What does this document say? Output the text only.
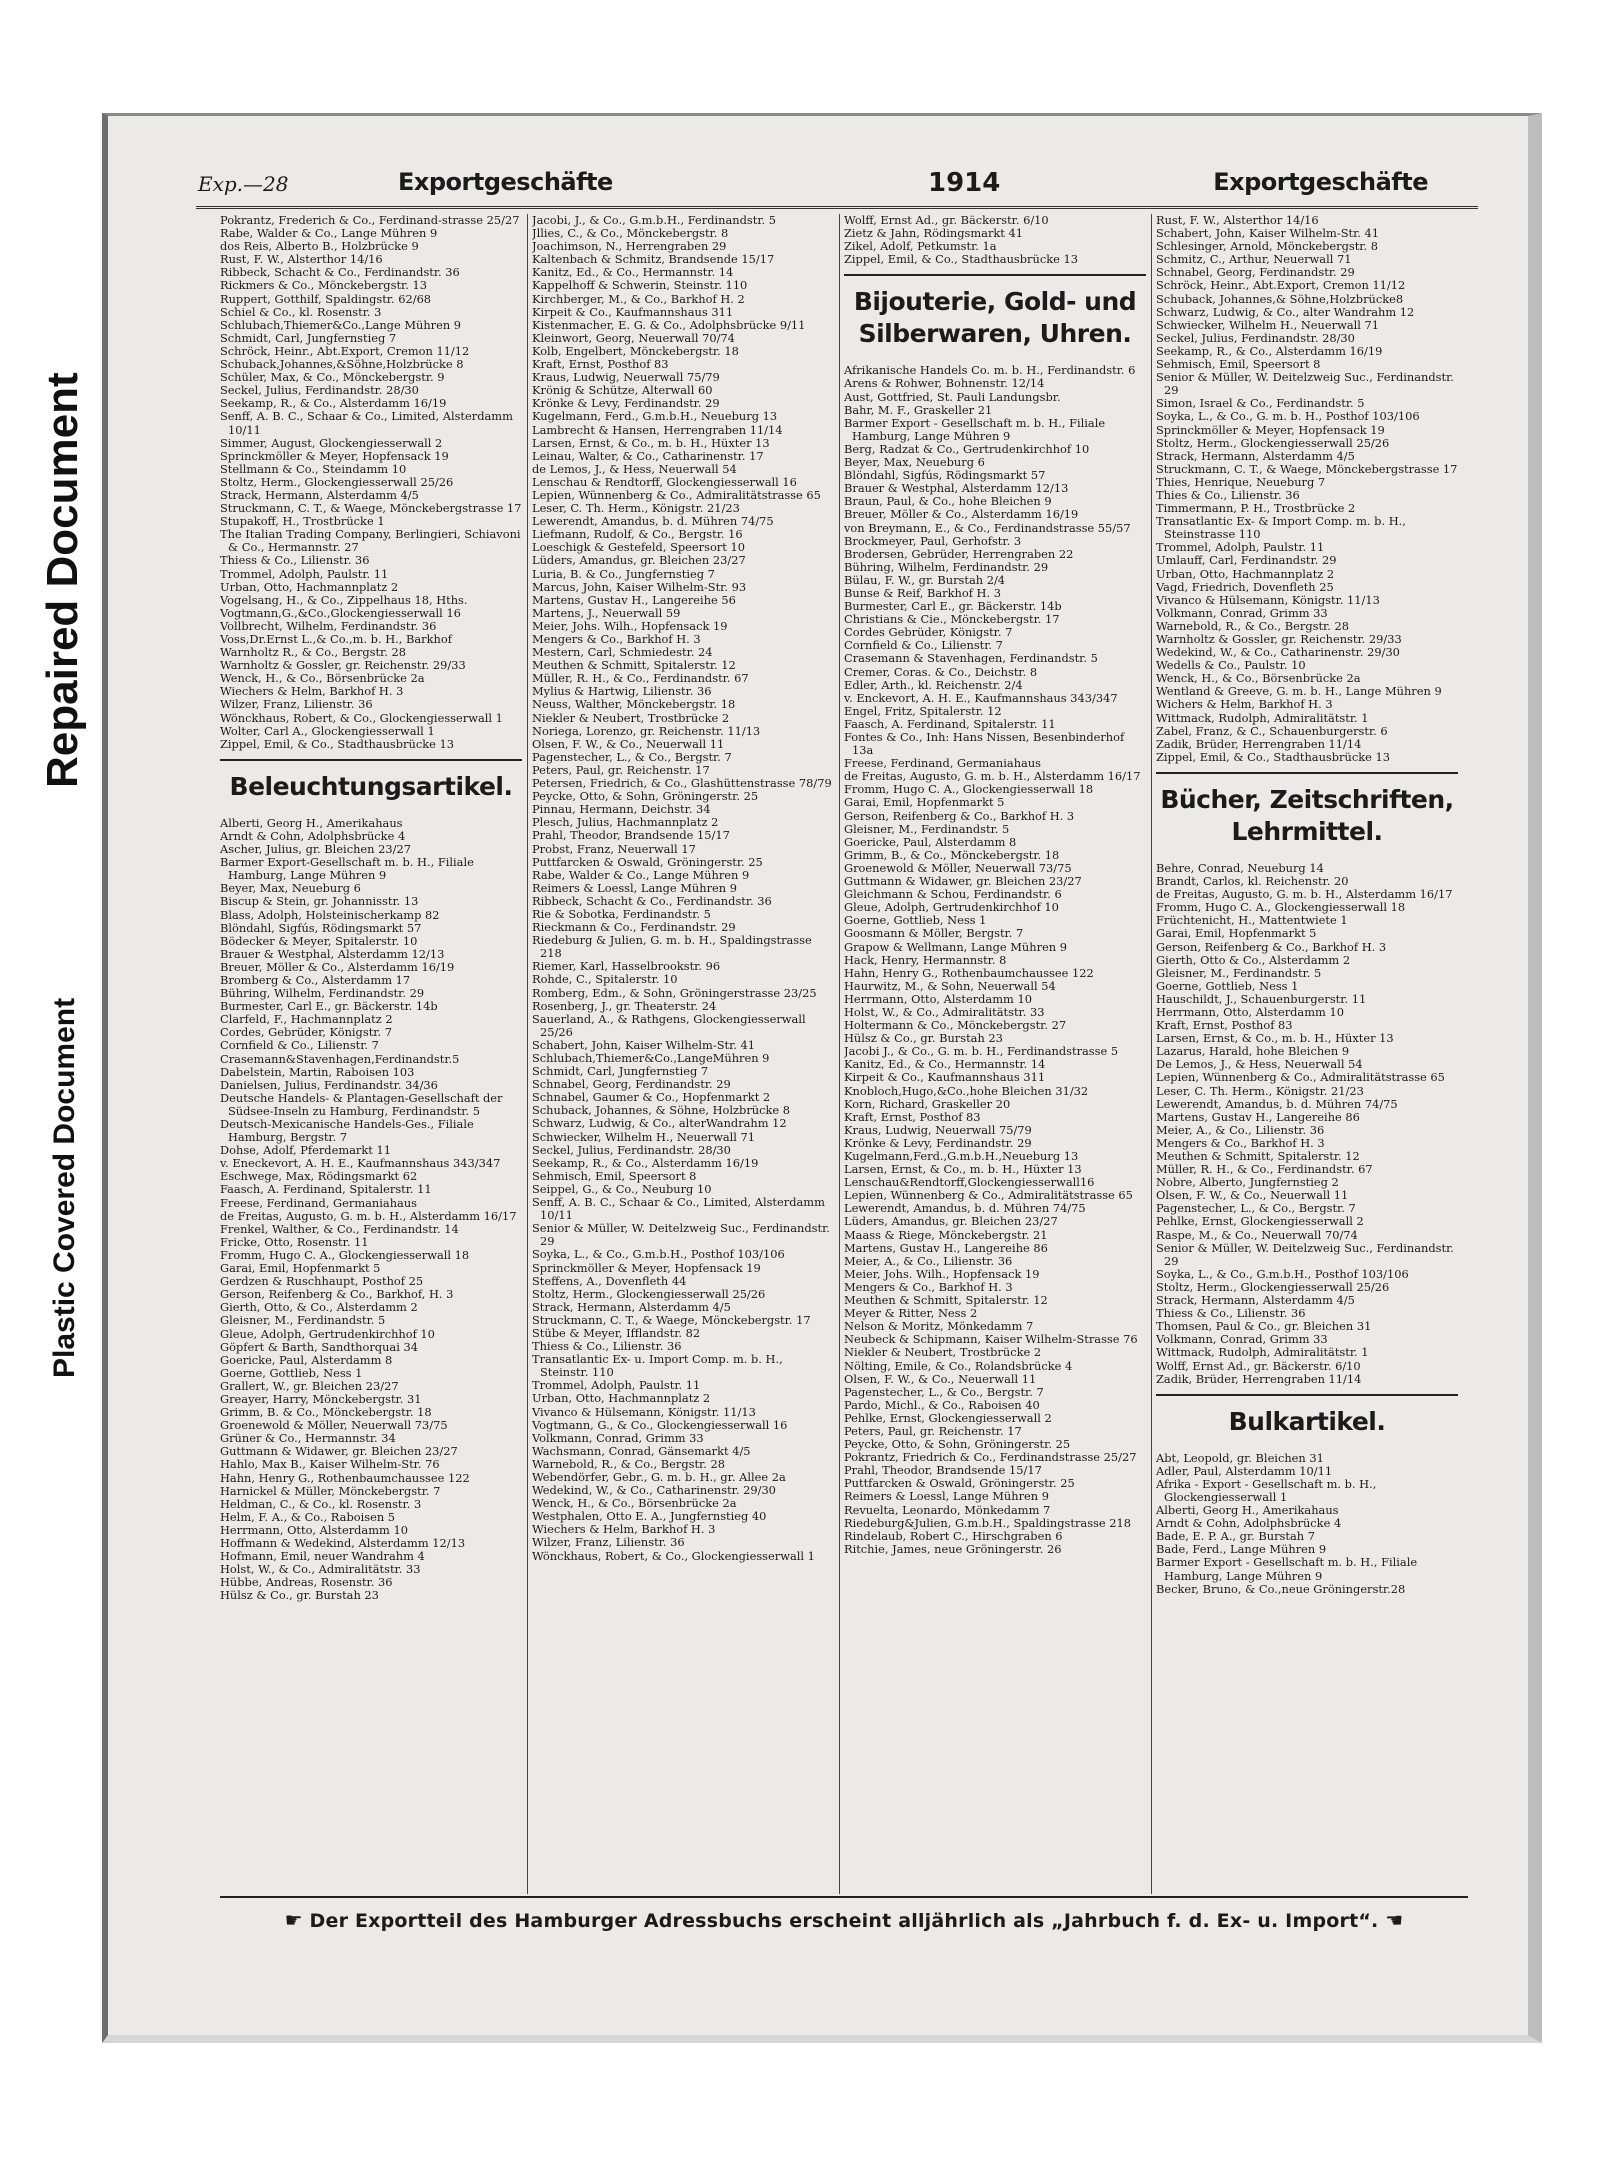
Plastic Covered Document
Repaired Document
Exp.—28	Exportgeschäfte	1914	Exportgeschäfte

Pokrantz, Frederich & Co., Ferdinand-strasse 25/27

Rabe, Walder & Co., Lange Mühren 9

dos Reis, Alberto B., Holzbrücke 9

Rust, F. W., Alsterthor 14/16

Ribbeck, Schacht & Co., Ferdinandstr. 36

Rickmers & Co., Mönckebergstr. 13

Ruppert, Gotthilf, Spaldingstr. 62/68

Schiel & Co., kl. Rosenstr. 3

Schlubach,Thiemer&Co.,Lange Mühren 9

Schmidt, Carl, Jungfernstieg 7

Schröck, Heinr., Abt.Export, Cremon 11/12

Schuback,Johannes,&Söhne,Holzbrücke 8

Schüler, Max, & Co., Mönckebergstr. 9

Seckel, Julius, Ferdinandstr. 28/30

Seekamp, R., & Co., Alsterdamm 16/19

Senff, A. B. C., Schaar & Co., Limited, Alsterdamm 10/11

Simmer, August, Glockengiesserwall 2

Sprinckmöller & Meyer, Hopfensack 19

Stellmann & Co., Steindamm 10

Stoltz, Herm., Glockengiesserwall 25/26

Strack, Hermann, Alsterdamm 4/5

Struckmann, C. T., & Waege, Mönckebergstrasse 17

Stupakoff, H., Trostbrücke 1

The Italian Trading Company, Berlingieri, Schiavoni & Co., Hermannstr. 27

Thiess & Co., Lilienstr. 36

Trommel, Adolph, Paulstr. 11

Urban, Otto, Hachmannplatz 2

Vogelsang, H., & Co., Zippelhaus 18, Hths.

Vogtmann,G.,&Co.,Glockengiesserwall 16

Vollbrecht, Wilhelm, Ferdinandstr. 36

Voss,Dr.Ernst L.,& Co.,m. b. H., Barkhof

Warnholtz R., & Co., Bergstr. 28

Warnholtz & Gossler, gr. Reichenstr. 29/33

Wenck, H., & Co., Börsenbrücke 2a

Wiechers & Helm, Barkhof H. 3

Wilzer, Franz, Lilienstr. 36

Wönckhaus, Robert, & Co., Glockengiesserwall 1

Wolter, Carl A., Glockengiesserwall 1

Zippel, Emil, & Co., Stadthausbrücke 13

Beleuchtungsartikel.

Alberti, Georg H., Amerikahaus

Arndt & Cohn, Adolphsbrücke 4

Ascher, Julius, gr. Bleichen 23/27

Barmer Export-Gesellschaft m. b. H., Filiale Hamburg, Lange Mühren 9

Beyer, Max, Neueburg 6

Biscup & Stein, gr. Johannisstr. 13

Blass, Adolph, Holsteinischerkamp 82

Blöndahl, Sigfús, Rödingsmarkt 57

Bödecker & Meyer, Spitalerstr. 10

Brauer & Westphal, Alsterdamm 12/13

Breuer, Möller & Co., Alsterdamm 16/19

Bromberg & Co., Alsterdamm 17

Bühring, Wilhelm, Ferdinandstr. 29

Burmester, Carl E., gr. Bäckerstr. 14b

Clarfeld, F., Hachmannplatz 2

Cordes, Gebrüder, Königstr. 7

Cornfield & Co., Lilienstr. 7

Crasemann&Stavenhagen,Ferdinandstr.5

Dabelstein, Martin, Raboisen 103

Danielsen, Julius, Ferdinandstr. 34/36

Deutsche Handels- & Plantagen-Gesellschaft der Südsee-Inseln zu Hamburg, Ferdinandstr. 5

Deutsch-Mexicanische Handels-Ges., Filiale Hamburg, Bergstr. 7

Dohse, Adolf, Pferdemarkt 11

v. Eneckevort, A. H. E., Kaufmannshaus 343/347

Eschwege, Max, Rödingsmarkt 62

Faasch, A. Ferdinand, Spitalerstr. 11

Freese, Ferdinand, Germaniahaus

de Freitas, Augusto, G. m. b. H., Alsterdamm 16/17

Frenkel, Walther, & Co., Ferdinandstr. 14

Fricke, Otto, Rosenstr. 11

Fromm, Hugo C. A., Glockengiesserwall 18

Garai, Emil, Hopfenmarkt 5

Gerdzen & Ruschhaupt, Posthof 25

Gerson, Reifenberg & Co., Barkhof, H. 3

Gierth, Otto, & Co., Alsterdamm 2

Gleisner, M., Ferdinandstr. 5

Gleue, Adolph, Gertrudenkirchhof 10

Göpfert & Barth, Sandthorquai 34

Goericke, Paul, Alsterdamm 8

Goerne, Gottlieb, Ness 1

Grallert, W., gr. Bleichen 23/27

Greayer, Harry, Mönckebergstr. 31

Grimm, B. & Co., Mönckebergstr. 18

Groenewold & Möller, Neuerwall 73/75

Grüner & Co., Hermannstr. 34

Guttmann & Widawer, gr. Bleichen 23/27

Hahlo, Max B., Kaiser Wilhelm-Str. 76

Hahn, Henry G., Rothenbaumchaussee 122

Harnickel & Müller, Mönckebergstr. 7

Heldman, C., & Co., kl. Rosenstr. 3

Helm, F. A., & Co., Raboisen 5

Herrmann, Otto, Alsterdamm 10

Hoffmann & Wedekind, Alsterdamm 12/13

Hofmann, Emil, neuer Wandrahm 4

Holst, W., & Co., Admiralitätstr. 33

Hübbe, Andreas, Rosenstr. 36

Hülsz & Co., gr. Burstah 23

Jacobi, J., & Co., G.m.b.H., Ferdinandstr. 5

Jllies, C., & Co., Mönckebergstr. 8

Joachimson, N., Herrengraben 29

Kaltenbach & Schmitz, Brandsende 15/17

Kanitz, Ed., & Co., Hermannstr. 14

Kappelhoff & Schwerin, Steinstr. 110

Kirchberger, M., & Co., Barkhof H. 2

Kirpeit & Co., Kaufmannshaus 311

Kistenmacher, E. G. & Co., Adolphsbrücke 9/11

Kleinwort, Georg, Neuerwall 70/74

Kolb, Engelbert, Mönckebergstr. 18

Kraft, Ernst, Posthof 83

Kraus, Ludwig, Neuerwall 75/79

Krönig & Schütze, Alterwall 60

Krönke & Levy, Ferdinandstr. 29

Kugelmann, Ferd., G.m.b.H., Neueburg 13

Lambrecht & Hansen, Herrengraben 11/14

Larsen, Ernst, & Co., m. b. H., Hüxter 13

Leinau, Walter, & Co., Catharinenstr. 17

de Lemos, J., & Hess, Neuerwall 54

Lenschau & Rendtorff, Glockengiesserwall 16

Lepien, Wünnenberg & Co., Admiralitätstrasse 65

Leser, C. Th. Herm., Königstr. 21/23

Lewerendt, Amandus, b. d. Mühren 74/75

Liefmann, Rudolf, & Co., Bergstr. 16

Loeschigk & Gestefeld, Speersort 10

Lüders, Amandus, gr. Bleichen 23/27

Luria, B. & Co., Jungfernstieg 7

Marcus, John, Kaiser Wilhelm-Str. 93

Martens, Gustav H., Langereihe 56

Martens, J., Neuerwall 59

Meier, Johs. Wilh., Hopfensack 19

Mengers & Co., Barkhof H. 3

Mestern, Carl, Schmiedestr. 24

Meuthen & Schmitt, Spitalerstr. 12

Müller, R. H., & Co., Ferdinandstr. 67

Mylius & Hartwig, Lilienstr. 36

Neuss, Walther, Mönckebergstr. 18

Niekler & Neubert, Trostbrücke 2

Noriega, Lorenzo, gr. Reichenstr. 11/13

Olsen, F. W., & Co., Neuerwall 11

Pagenstecher, L., & Co., Bergstr. 7

Peters, Paul, gr. Reichenstr. 17

Petersen, Friedrich, & Co., Glashüttenstrasse 78/79

Peycke, Otto, & Sohn, Gröningerstr. 25

Pinnau, Hermann, Deichstr. 34

Plesch, Julius, Hachmannplatz 2

Prahl, Theodor, Brandsende 15/17

Probst, Franz, Neuerwall 17

Puttfarcken & Oswald, Gröningerstr. 25

Rabe, Walder & Co., Lange Mühren 9

Reimers & Loessl, Lange Mühren 9

Ribbeck, Schacht & Co., Ferdinandstr. 36

Rie & Sobotka, Ferdinandstr. 5

Rieckmann & Co., Ferdinandstr. 29

Riedeburg & Julien, G. m. b. H., Spaldingstrasse 218

Riemer, Karl, Hasselbrookstr. 96

Rohde, C., Spitalerstr. 10

Romberg, Edm., & Sohn, Gröningerstrasse 23/25

Rosenberg, J., gr. Theaterstr. 24

Sauerland, A., & Rathgens, Glockengiesserwall 25/26

Schabert, John, Kaiser Wilhelm-Str. 41

Schlubach,Thiemer&Co.,LangeMühren 9

Schmidt, Carl, Jungfernstieg 7

Schnabel, Georg, Ferdinandstr. 29

Schnabel, Gaumer & Co., Hopfenmarkt 2

Schuback, Johannes, & Söhne, Holzbrücke 8

Schwarz, Ludwig, & Co., alterWandrahm 12

Schwiecker, Wilhelm H., Neuerwall 71

Seckel, Julius, Ferdinandstr. 28/30

Seekamp, R., & Co., Alsterdamm 16/19

Sehmisch, Emil, Speersort 8

Seippel, G., & Co., Neuburg 10

Senff, A. B. C., Schaar & Co., Limited, Alsterdamm 10/11

Senior & Müller, W. Deitelzweig Suc., Ferdinandstr. 29

Soyka, L., & Co., G.m.b.H., Posthof 103/106

Sprinckmöller & Meyer, Hopfensack 19

Steffens, A., Dovenfleth 44

Stoltz, Herm., Glockengiesserwall 25/26

Strack, Hermann, Alsterdamm 4/5

Struckmann, C. T., & Waege, Mönckebergstr. 17

Stübe & Meyer, Ifflandstr. 82

Thiess & Co., Lilienstr. 36

Transatlantic Ex- u. Import Comp. m. b. H., Steinstr. 110

Trommel, Adolph, Paulstr. 11

Urban, Otto, Hachmannplatz 2

Vivanco & Hülsemann, Königstr. 11/13

Vogtmann, G., & Co., Glockengiesserwall 16

Volkmann, Conrad, Grimm 33

Wachsmann, Conrad, Gänsemarkt 4/5

Warnebold, R., & Co., Bergstr. 28

Webendörfer, Gebr., G. m. b. H., gr. Allee 2a

Wedekind, W., & Co., Catharinenstr. 29/30

Wenck, H., & Co., Börsenbrücke 2a

Westphalen, Otto E. A., Jungfernstieg 40

Wiechers & Helm, Barkhof H. 3

Wilzer, Franz, Lilienstr. 36

Wönckhaus, Robert, & Co., Glockengiesserwall 1

Wolff, Ernst Ad., gr. Bäckerstr. 6/10

Zietz & Jahn, Rödingsmarkt 41

Zikel, Adolf, Petkumstr. 1a

Zippel, Emil, & Co., Stadthausbrücke 13

Bijouterie, Gold- und Silberwaren, Uhren.

Afrikanische Handels Co. m. b. H., Ferdinandstr. 6

Arens & Rohwer, Bohnenstr. 12/14

Aust, Gottfried, St. Pauli Landungsbr.

Bahr, M. F., Graskeller 21

Barmer Export - Gesellschaft m. b. H., Filiale Hamburg, Lange Mühren 9

Berg, Radzat & Co., Gertrudenkirchhof 10

Beyer, Max, Neueburg 6

Blöndahl, Sigfús, Rödingsmarkt 57

Brauer & Westphal, Alsterdamm 12/13

Braun, Paul, & Co., hohe Bleichen 9

Breuer, Möller & Co., Alsterdamm 16/19

von Breymann, E., & Co., Ferdinandstrasse 55/57

Brockmeyer, Paul, Gerhofstr. 3

Brodersen, Gebrüder, Herrengraben 22

Bühring, Wilhelm, Ferdinandstr. 29

Bülau, F. W., gr. Burstah 2/4

Bunse & Reif, Barkhof H. 3

Burmester, Carl E., gr. Bäckerstr. 14b

Christians & Cie., Mönckebergstr. 17

Cordes Gebrüder, Königstr. 7

Cornfield & Co., Lilienstr. 7

Crasemann & Stavenhagen, Ferdinandstr. 5

Cremer, Coras. & Co., Deichstr. 8

Edler, Arth., kl. Reichenstr. 2/4

v. Enckevort, A. H. E., Kaufmannshaus 343/347

Engel, Fritz, Spitalerstr. 12

Faasch, A. Ferdinand, Spitalerstr. 11

Fontes & Co., Inh: Hans Nissen, Besenbinderhof 13a

Freese, Ferdinand, Germaniahaus

de Freitas, Augusto, G. m. b. H., Alsterdamm 16/17

Fromm, Hugo C. A., Glockengiesserwall 18

Garai, Emil, Hopfenmarkt 5

Gerson, Reifenberg & Co., Barkhof H. 3

Gleisner, M., Ferdinandstr. 5

Goericke, Paul, Alsterdamm 8

Grimm, B., & Co., Mönckebergstr. 18

Groenewold & Möller, Neuerwall 73/75

Guttmann & Widawer, gr. Bleichen 23/27

Gleichmann & Schou, Ferdinandstr. 6

Gleue, Adolph, Gertrudenkirchhof 10

Goerne, Gottlieb, Ness 1

Goosmann & Möller, Bergstr. 7

Grapow & Wellmann, Lange Mühren 9

Hack, Henry, Hermannstr. 8

Hahn, Henry G., Rothenbaumchaussee 122

Haurwitz, M., & Sohn, Neuerwall 54

Herrmann, Otto, Alsterdamm 10

Holst, W., & Co., Admiralitätstr. 33

Holtermann & Co., Mönckebergstr. 27

Hülsz & Co., gr. Burstah 23

Jacobi J., & Co., G. m. b. H., Ferdinandstrasse 5

Kanitz, Ed., & Co., Hermannstr. 14

Kirpeit & Co., Kaufmannshaus 311

Knobloch,Hugo,&Co.,hohe Bleichen 31/32

Korn, Richard, Graskeller 20

Kraft, Ernst, Posthof 83

Kraus, Ludwig, Neuerwall 75/79

Krönke & Levy, Ferdinandstr. 29

Kugelmann,Ferd.,G.m.b.H.,Neueburg 13

Larsen, Ernst, & Co., m. b. H., Hüxter 13

Lenschau&Rendtorff,Glockengiesserwall16

Lepien, Wünnenberg & Co., Admiralitätstrasse 65

Lewerendt, Amandus, b. d. Mühren 74/75

Lüders, Amandus, gr. Bleichen 23/27

Maass & Riege, Mönckebergstr. 21

Martens, Gustav H., Langereihe 86

Meier, A., & Co., Lilienstr. 36

Meier, Johs. Wilh., Hopfensack 19

Mengers & Co., Barkhof H. 3

Meuthen & Schmitt, Spitalerstr. 12

Meyer & Ritter, Ness 2

Nelson & Moritz, Mönkedamm 7

Neubeck & Schipmann, Kaiser Wilhelm-Strasse 76

Niekler & Neubert, Trostbrücke 2

Nölting, Emile, & Co., Rolandsbrücke 4

Olsen, F. W., & Co., Neuerwall 11

Pagenstecher, L., & Co., Bergstr. 7

Pardo, Michl., & Co., Raboisen 40

Pehlke, Ernst, Glockengiesserwall 2

Peters, Paul, gr. Reichenstr. 17

Peycke, Otto, & Sohn, Gröningerstr. 25

Pokrantz, Friedrich & Co., Ferdinandstrasse 25/27

Prahl, Theodor, Brandsende 15/17

Puttfarcken & Oswald, Gröningerstr. 25

Reimers & Loessl, Lange Mühren 9

Revuelta, Leonardo, Mönkedamm 7

Riedeburg&Julien, G.m.b.H., Spaldingstrasse 218

Rindelaub, Robert C., Hirschgraben 6

Ritchie, James, neue Gröningerstr. 26

Rust, F. W., Alsterthor 14/16

Schabert, John, Kaiser Wilhelm-Str. 41

Schlesinger, Arnold, Mönckebergstr. 8

Schmitz, C., Arthur, Neuerwall 71

Schnabel, Georg, Ferdinandstr. 29

Schröck, Heinr., Abt.Export, Cremon 11/12

Schuback, Johannes,& Söhne,Holzbrücke8

Schwarz, Ludwig, & Co., alter Wandrahm 12

Schwiecker, Wilhelm H., Neuerwall 71

Seckel, Julius, Ferdinandstr. 28/30

Seekamp, R., & Co., Alsterdamm 16/19

Sehmisch, Emil, Speersort 8

Senior & Müller, W. Deitelzweig Suc., Ferdinandstr. 29

Simon, Israel & Co., Ferdinandstr. 5

Soyka, L., & Co., G. m. b. H., Posthof 103/106

Sprinckmöller & Meyer, Hopfensack 19

Stoltz, Herm., Glockengiesserwall 25/26

Strack, Hermann, Alsterdamm 4/5

Struckmann, C. T., & Waege, Mönckebergstrasse 17

Thies, Henrique, Neueburg 7

Thies & Co., Lilienstr. 36

Timmermann, P. H., Trostbrücke 2

Transatlantic Ex- & Import Comp. m. b. H., Steinstrasse 110

Trommel, Adolph, Paulstr. 11

Umlauff, Carl, Ferdinandstr. 29

Urban, Otto, Hachmannplatz 2

Vagd, Friedrich, Dovenfleth 25

Vivanco & Hülsemann, Königstr. 11/13

Volkmann, Conrad, Grimm 33

Warnebold, R., & Co., Bergstr. 28

Warnholtz & Gossler, gr. Reichenstr. 29/33

Wedekind, W., & Co., Catharinenstr. 29/30

Wedells & Co., Paulstr. 10

Wenck, H., & Co., Börsenbrücke 2a

Wentland & Greeve, G. m. b. H., Lange Mühren 9

Wichers & Helm, Barkhof H. 3

Wittmack, Rudolph, Admiralitätstr. 1

Zabel, Franz, & C., Schauenburgerstr. 6

Zadik, Brüder, Herrengraben 11/14

Zippel, Emil, & Co., Stadthausbrücke 13

Bücher, Zeitschriften, Lehrmittel.

Behre, Conrad, Neueburg 14

Brandt, Carlos, kl. Reichenstr. 20

de Freitas, Augusto, G. m. b. H., Alsterdamm 16/17

Fromm, Hugo C. A., Glockengiesserwall 18

Früchtenicht, H., Mattentwiete 1

Garai, Emil, Hopfenmarkt 5

Gerson, Reifenberg & Co., Barkhof H. 3

Gierth, Otto & Co., Alsterdamm 2

Gleisner, M., Ferdinandstr. 5

Goerne, Gottlieb, Ness 1

Hauschildt, J., Schauenburgerstr. 11

Herrmann, Otto, Alsterdamm 10

Kraft, Ernst, Posthof 83

Larsen, Ernst, & Co., m. b. H., Hüxter 13

Lazarus, Harald, hohe Bleichen 9

De Lemos, J., & Hess, Neuerwall 54

Lepien, Wünnenberg & Co., Admiralitätstrasse 65

Leser, C. Th. Herm., Königstr. 21/23

Lewerendt, Amandus, b. d. Mühren 74/75

Martens, Gustav H., Langereihe 86

Meier, A., & Co., Lilienstr. 36

Mengers & Co., Barkhof H. 3

Meuthen & Schmitt, Spitalerstr. 12

Müller, R. H., & Co., Ferdinandstr. 67

Nobre, Alberto, Jungfernstieg 2

Olsen, F. W., & Co., Neuerwall 11

Pagenstecher, L., & Co., Bergstr. 7

Pehlke, Ernst, Glockengiesserwall 2

Raspe, M., & Co., Neuerwall 70/74

Senior & Müller, W. Deitelzweig Suc., Ferdinandstr. 29

Soyka, L., & Co., G.m.b.H., Posthof 103/106

Stoltz, Herm., Glockengiesserwall 25/26

Strack, Hermann, Alsterdamm 4/5

Thiess & Co., Lilienstr. 36

Thomsen, Paul & Co., gr. Bleichen 31

Volkmann, Conrad, Grimm 33

Wittmack, Rudolph, Admiralitätstr. 1

Wolff, Ernst Ad., gr. Bäckerstr. 6/10

Zadik, Brüder, Herrengraben 11/14

Bulkartikel.

Abt, Leopold, gr. Bleichen 31

Adler, Paul, Alsterdamm 10/11

Afrika - Export - Gesellschaft m. b. H., Glockengiesserwall 1

Alberti, Georg H., Amerikahaus

Arndt & Cohn, Adolphsbrücke 4

Bade, E. P. A., gr. Burstah 7

Bade, Ferd., Lange Mühren 9

Barmer Export - Gesellschaft m. b. H., Filiale Hamburg, Lange Mühren 9

Becker, Bruno, & Co.,neue Gröningerstr.28

☛ Der Exportteil des Hamburger Adressbuchs erscheint alljährlich als „Jahrbuch f. d. Ex- u. Import“. ☚
